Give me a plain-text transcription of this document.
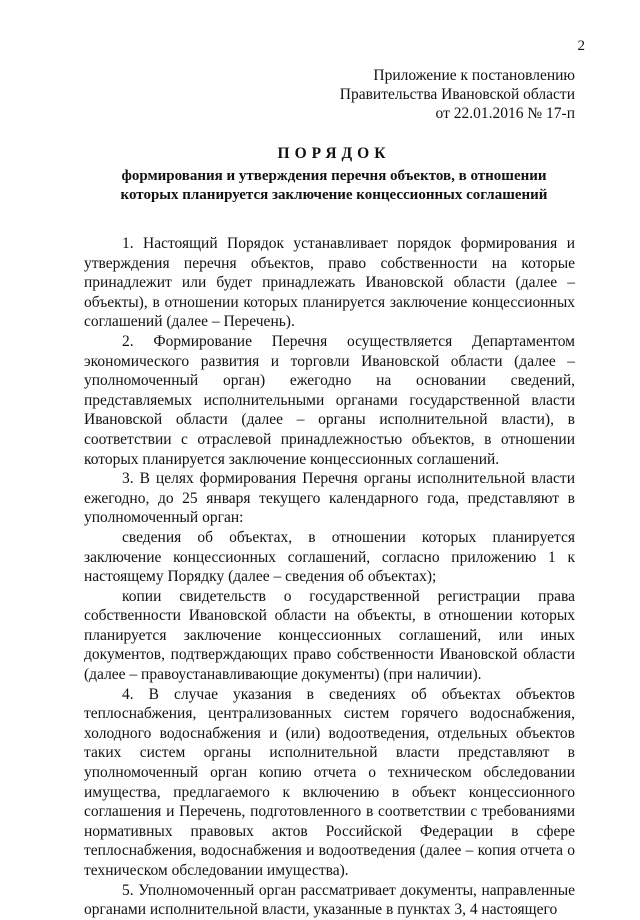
2
Приложение к постановлению
Правительства Ивановской области
от 22.01.2016 № 17-п
ПОРЯДОК
формирования и утверждения перечня объектов, в отношении
которых планируется заключение концессионных соглашений

1. Настоящий Порядок устанавливает порядок формирования и утверждения перечня объектов, право собственности на которые принадлежит или будет принадлежать Ивановской области (далее – объекты), в отношении которых планируется заключение концессионных соглашений (далее – Перечень).

2. Формирование Перечня осуществляется Департаментом экономического развития и торговли Ивановской области (далее – уполномоченный орган) ежегодно на основании сведений, представляемых исполнительными органами государственной власти Ивановской области (далее – органы исполнительной власти), в соответствии с отраслевой принадлежностью объектов, в отношении которых планируется заключение концессионных соглашений.

3. В целях формирования Перечня органы исполнительной власти ежегодно, до 25 января текущего календарного года, представляют в уполномоченный орган:

сведения об объектах, в отношении которых планируется заключение концессионных соглашений, согласно приложению 1 к настоящему Порядку (далее – сведения об объектах);

копии свидетельств о государственной регистрации права собственности Ивановской области на объекты, в отношении которых планируется заключение концессионных соглашений, или иных документов, подтверждающих право собственности Ивановской области (далее – правоустанавливающие документы) (при наличии).

4. В случае указания в сведениях об объектах объектов теплоснабжения, централизованных систем горячего водоснабжения, холодного водоснабжения и (или) водоотведения, отдельных объектов таких систем органы исполнительной власти представляют в уполномоченный орган копию отчета о техническом обследовании имущества, предлагаемого к включению в объект концессионного соглашения и Перечень, подготовленного в соответствии с требованиями нормативных правовых актов Российской Федерации в сфере теплоснабжения, водоснабжения и водоотведения (далее – копия отчета о техническом обследовании имущества).

5. Уполномоченный орган рассматривает документы, направленные органами исполнительной власти, указанные в пунктах 3, 4 настоящего
